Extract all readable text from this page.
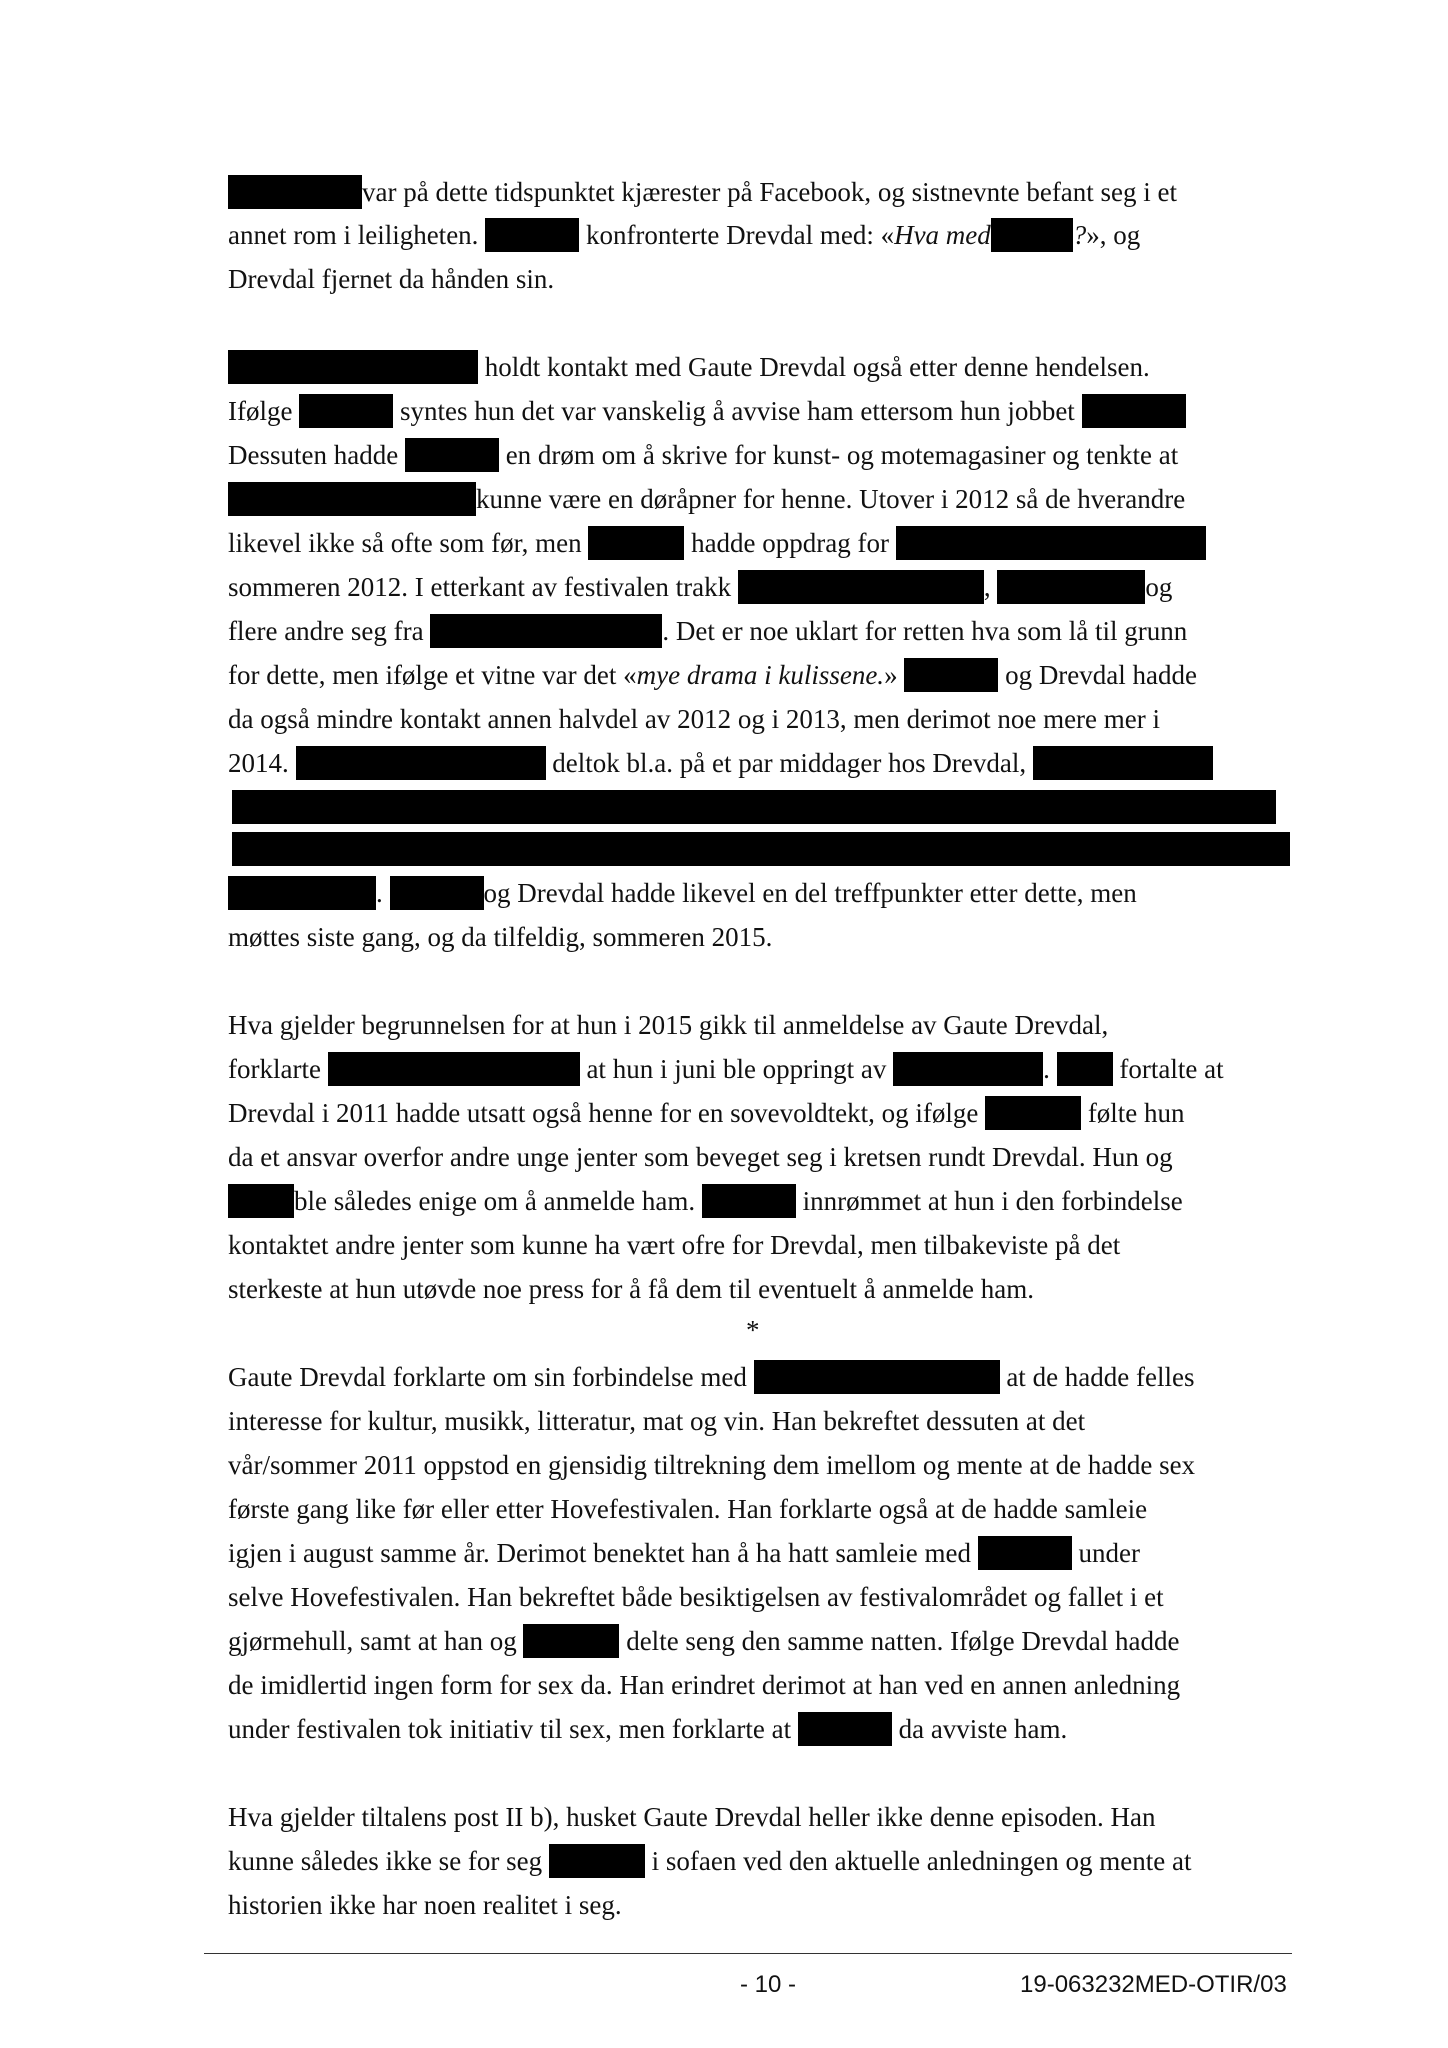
var på dette tidspunktet kjærester på Facebook, og sistnevnte befant seg i et
annet rom i leiligheten.	konfronterte Drevdal med: «Hva med	?», og
Drevdal fjernet da hånden sin.
holdt kontakt med Gaute Drevdal også etter denne hendelsen.
Ifølge	syntes hun det var vanskelig å avvise ham ettersom hun jobbet
Dessuten hadde	en drøm om å skrive for kunst- og motemagasiner og tenkte at
kunne være en døråpner for henne. Utover i 2012 så de hverandre
likevel ikke så ofte som før, men	hadde oppdrag for
sommeren 2012. I etterkant av festivalen trakk	,	og
flere andre seg fra	. Det er noe uklart for retten hva som lå til grunn
for dette, men ifølge et vitne var det «mye drama i kulissene.»	og Drevdal hadde
da også mindre kontakt annen halvdel av 2012 og i 2013, men derimot noe mere mer i
2014.	deltok bl.a. på et par middager hos Drevdal,
.	og Drevdal hadde likevel en del treffpunkter etter dette, men
møttes siste gang, og da tilfeldig, sommeren 2015.
Hva gjelder begrunnelsen for at hun i 2015 gikk til anmeldelse av Gaute Drevdal,
forklarte	at hun i juni ble oppringt av	.  fortalte at
Drevdal i 2011 hadde utsatt også henne for en sovevoldtekt, og ifølge	følte hun
da et ansvar overfor andre unge jenter som beveget seg i kretsen rundt Drevdal. Hun og
ble således enige om å anmelde ham.	innrømmet at hun i den forbindelse
kontaktet andre jenter som kunne ha vært ofre for Drevdal, men tilbakeviste på det
sterkeste at hun utøvde noe press for å få dem til eventuelt å anmelde ham.
*
Gaute Drevdal forklarte om sin forbindelse med	at de hadde felles
interesse for kultur, musikk, litteratur, mat og vin. Han bekreftet dessuten at det
vår/sommer 2011 oppstod en gjensidig tiltrekning dem imellom og mente at de hadde sex
første gang like før eller etter Hovefestivalen. Han forklarte også at de hadde samleie
igjen i august samme år. Derimot benektet han å ha hatt samleie med	under
selve Hovefestivalen. Han bekreftet både besiktigelsen av festivalområdet og fallet i et
gjørmehull, samt at han og	delte seng den samme natten. Ifølge Drevdal hadde
de imidlertid ingen form for sex da. Han erindret derimot at han ved en annen anledning
under festivalen tok initiativ til sex, men forklarte at	da avviste ham.
Hva gjelder tiltalens post II b), husket Gaute Drevdal heller ikke denne episoden. Han
kunne således ikke se for seg	i sofaen ved den aktuelle anledningen og mente at
historien ikke har noen realitet i seg.
- 10 -	19-063232MED-OTIR/03
